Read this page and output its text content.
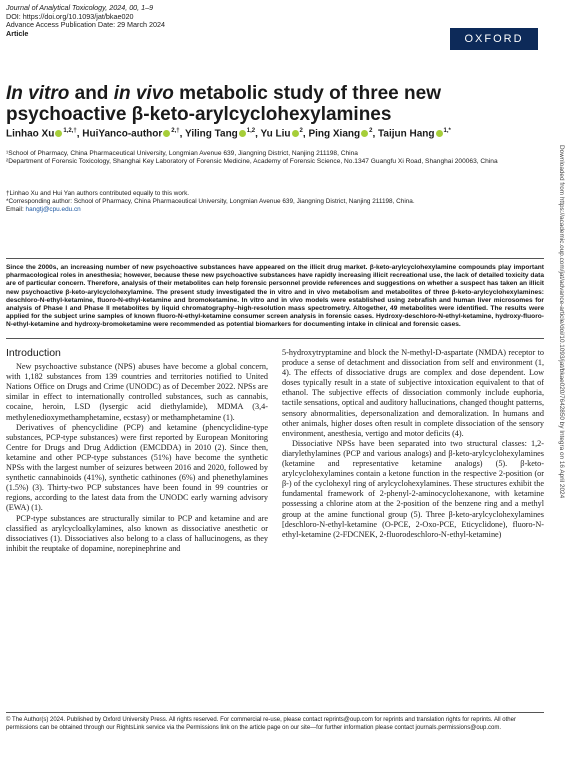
Journal of Analytical Toxicology, 2024, 00, 1–9
DOI: https://doi.org/10.1093/jat/bkae020
Advance Access Publication Date: 29 March 2024
Article	OXFORD
In vitro and in vivo metabolic study of three new
psychoactive β-keto-arylcyclohexylamines
Linhao Xu $^{1,2,\dagger}$, HuiYanco-author $^{2,\dagger}$, Yiling Tang $^{1,2}$, Yu Liu $^2$, Ping Xiang $^2$, Taijun Hang $^{1,*}$

¹School of Pharmacy, China Pharmaceutical University, Longmian Avenue 639, Jiangning District, Nanjing 211198, China

²Department of Forensic Toxicology, Shanghai Key Laboratory of Forensic Medicine, Academy of Forensic Science, No.1347 Guangfu Xi Road, Shanghai 200063, China

†Linhao Xu and Hui Yan authors contributed equally to this work.

*Corresponding author: School of Pharmacy, China Pharmaceutical University, Longmian Avenue 639, Jiangning District, Nanjing 211198, China.

Email: hangtj@cpu.edu.cn

Since the 2000s, an increasing number of new psychoactive substances have appeared on the illicit drug market. β-keto-arylcyclohexylamine compounds play important pharmacological roles in anesthesia; however, because these new psychoactive substances have rapidly increasing illicit recreational use, the lack of detailed toxicity data are of particular concern. Therefore, analysis of their metabolites can help forensic personnel provide references and suggestions on whether a suspect has taken an illicit new psychoactive β-keto-arylcyclohexylamine. The present study investigated the in vitro and in vivo metabolism and metabolites of three β-keto-arylcyclohexylamines: deschloro-N-ethyl-ketamine, fluoro-N-ethyl-ketamine and bromoketamine. In vitro and in vivo models were established using zebrafish and human liver microsomes for analysis of Phase I and Phase II metabolites by liquid chromatography–high-resolution mass spectrometry. Altogether, 49 metabolites were identified. The results were applied for the subject urine samples of known fluoro-N-ethyl-ketamine consumer screen analysis in forensic cases. Hydroxy-deschloro-N-ethyl-ketamine, hydroxy-fluoro-N-ethyl-ketamine and hydroxy-bromoketamine were recommended as potential biomarkers for documenting intake in clinical and forensic cases.

Introduction

New psychoactive substance (NPS) abuses have become a global concern, with 1,182 substances from 139 countries and territories notified to United Nations Office on Drugs and Crime (UNODC) as of December 2022. NPSs are similar in effect to internationally controlled substances, such as cannabis, cocaine, heroin, LSD (lysergic acid diethylamide), MDMA (3,4-methylenedioxymethamphetamine, ecstasy) or methamphetamine (1).

Derivatives of phencyclidine (PCP) and ketamine (phencyclidine-type substances, PCP-type substances) were first reported by European Monitoring Centre for Drugs and Drug Addiction (EMCDDA) in 2010 (2). Since then, ketamine and other PCP-type substances (51%) have become the synthetic NPSs with the largest number of seizures between 2016 and 2020, followed by synthetic cannabinoids (41%), synthetic cathinones (6%) and phenethylamines (1.5%) (3). Thirty-two PCP substances have been found in 99 countries or regions, according to the latest data from the UNODC early warning advisory (EWA) (1).

PCP-type substances are structurally similar to PCP and ketamine and are classified as arylcycloalkylamines, also known as dissociative anesthetic or dissociatives (1). Dissociatives also belong to a class of hallucinogens, as they inhibit the reuptake of dopamine, norepinephrine and

5-hydroxytryptamine and block the N-methyl-D-aspartate (NMDA) receptor to produce a sense of detachment and dissociation from self and environment (1, 4). The effects of dissociative drugs are complex and dose dependent. Low doses typically result in a state of subjective intoxication equivalent to that of ethanol. The subjective effects of dissociation commonly include euphoria, tactile sensations, optical and auditory hallucinations, changed thought patterns, sensory abnormalities, depersonalization and demoralization. In humans and other animals, higher doses often result in complete dissociation of the sensory environment, anesthesia, vertigo and motor deficits (4).

Dissociative NPSs have been separated into two structural classes: 1,2-diarylethylamines (PCP and various analogs) and β-keto-arylcyclohexylamines (ketamine and representative ketamine analogs) (5). β-keto-arylcyclohexylamines contain a ketone function in the respective 2-position (or β-) of the cyclohexyl ring of arylcyclohexylamines. These structures exhibit the fundamental framework of 2-phenyl-2-aminocyclohexanone, with ketamine possessing a chlorine atom at the 2-position of the benzene ring and a methyl group at the amine functional group (5). Three β-keto-arylcyclohexylamines [deschloro-N-ethyl-ketamine (O-PCE, 2-Oxo-PCE, Eticyclidone), fluoro-N-ethyl-ketamine (2-FDCNEK, 2-fluorodeschloro-N-ethyl-ketamine)

© The Author(s) 2024. Published by Oxford University Press. All rights reserved. For commercial re-use, please contact reprints@oup.com for reprints and translation rights for reprints. All other permissions can be obtained through our RightsLink service via the Permissions link on the article page on our site—for further information please contact journals.permissions@oup.com.
Downloaded from https://academic.oup.com/jat/advance-article/doi/10.1093/jat/bkae020/7642850 by Integra on 16 April 2024
